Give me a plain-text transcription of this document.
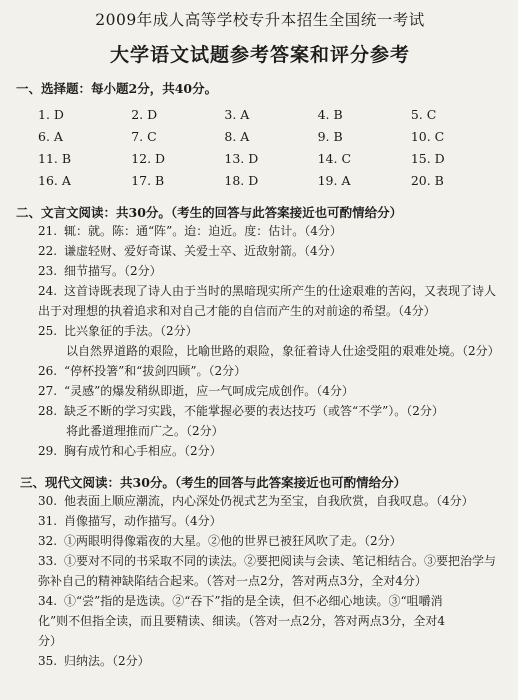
2009年成人高等学校专升本招生全国统一考试
大学语文试题参考答案和评分参考
一、选择题：每小题2分，共40分。
1. D	2. D	3. A	4. B	5. C
6. A	7. C	8. A	9. B	10. C
11. B	12. D	13. D	14. C	15. D
16. A	17. B	18. D	19. A	20. B
二、文言文阅读：共30分。（考生的回答与此答案接近也可酌情给分）
21. 辄：就。陈：通“阵”。迨：迫近。度：估计。（4分）
22. 谦虚轻财、爱好奇谋、关爱士卒、近敌射箭。（4分）
23. 细节描写。（2分）
24. 这首诗既表现了诗人由于当时的黑暗现实所产生的仕途艰难的苦闷，又表现了诗人
出于对理想的执着追求和对自己才能的自信而产生的对前途的希望。（4分）
25. 比兴象征的手法。（2分）
以自然界道路的艰险，比喻世路的艰险，象征着诗人仕途受阻的艰难处境。（2分）
26. “停杯投箸”和“拔剑四顾”。（2分）
27. “灵感”的爆发稍纵即逝，应一气呵成完成创作。（4分）
28. 缺乏不断的学习实践，不能掌握必要的表达技巧（或答“不学”）。（2分）
将此番道理推而广之。（2分）
29. 胸有成竹和心手相应。（2分）
三、现代文阅读：共30分。（考生的回答与此答案接近也可酌情给分）
30. 他表面上顺应潮流，内心深处仍视式艺为至宝，自我欣赏，自我叹息。（4分）
31. 肖像描写，动作描写。（4分）
32. ①两眼明得像霜夜的大星。②他的世界已被狂风吹了走。（2分）
33. ①要对不同的书采取不同的读法。②要把阅读与会读、笔记相结合。③要把治学与
弥补自己的精神缺陷结合起来。（答对一点2分，答对两点3分，全对4分）
34. ①“尝”指的是选读。②“吞下”指的是全读，但不必细心地读。③“咀嚼消
化”则不但指全读，而且要精读、细读。（答对一点2分，答对两点3分，全对4
分）
35. 归纳法。（2分）
